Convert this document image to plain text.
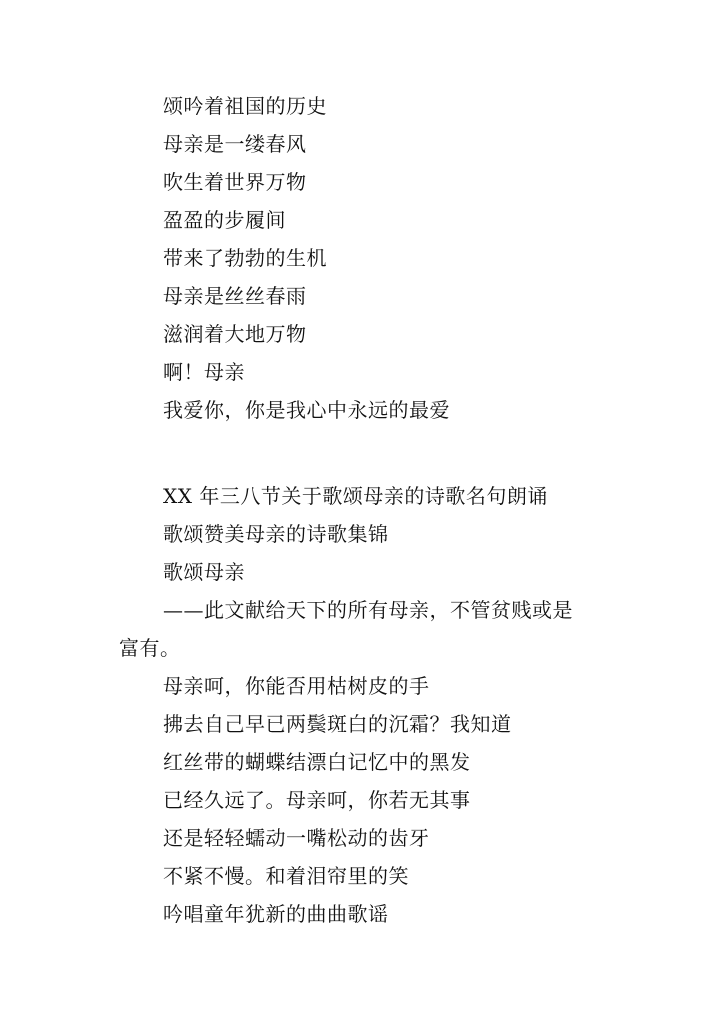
颂吟着祖国的历史
母亲是一缕春风
吹生着世界万物
盈盈的步履间
带来了勃勃的生机
母亲是丝丝春雨
滋润着大地万物
啊！母亲
我爱你，你是我心中永远的最爱
XX 年三八节关于歌颂母亲的诗歌名句朗诵
歌颂赞美母亲的诗歌集锦
歌颂母亲
——此文献给天下的所有母亲，不管贫贱或是
富有。
母亲呵，你能否用枯树皮的手
拂去自己早已两鬓斑白的沉霜？我知道
红丝带的蝴蝶结漂白记忆中的黑发
已经久远了。母亲呵，你若无其事
还是轻轻蠕动一嘴松动的齿牙
不紧不慢。和着泪帘里的笑
吟唱童年犹新的曲曲歌谣
